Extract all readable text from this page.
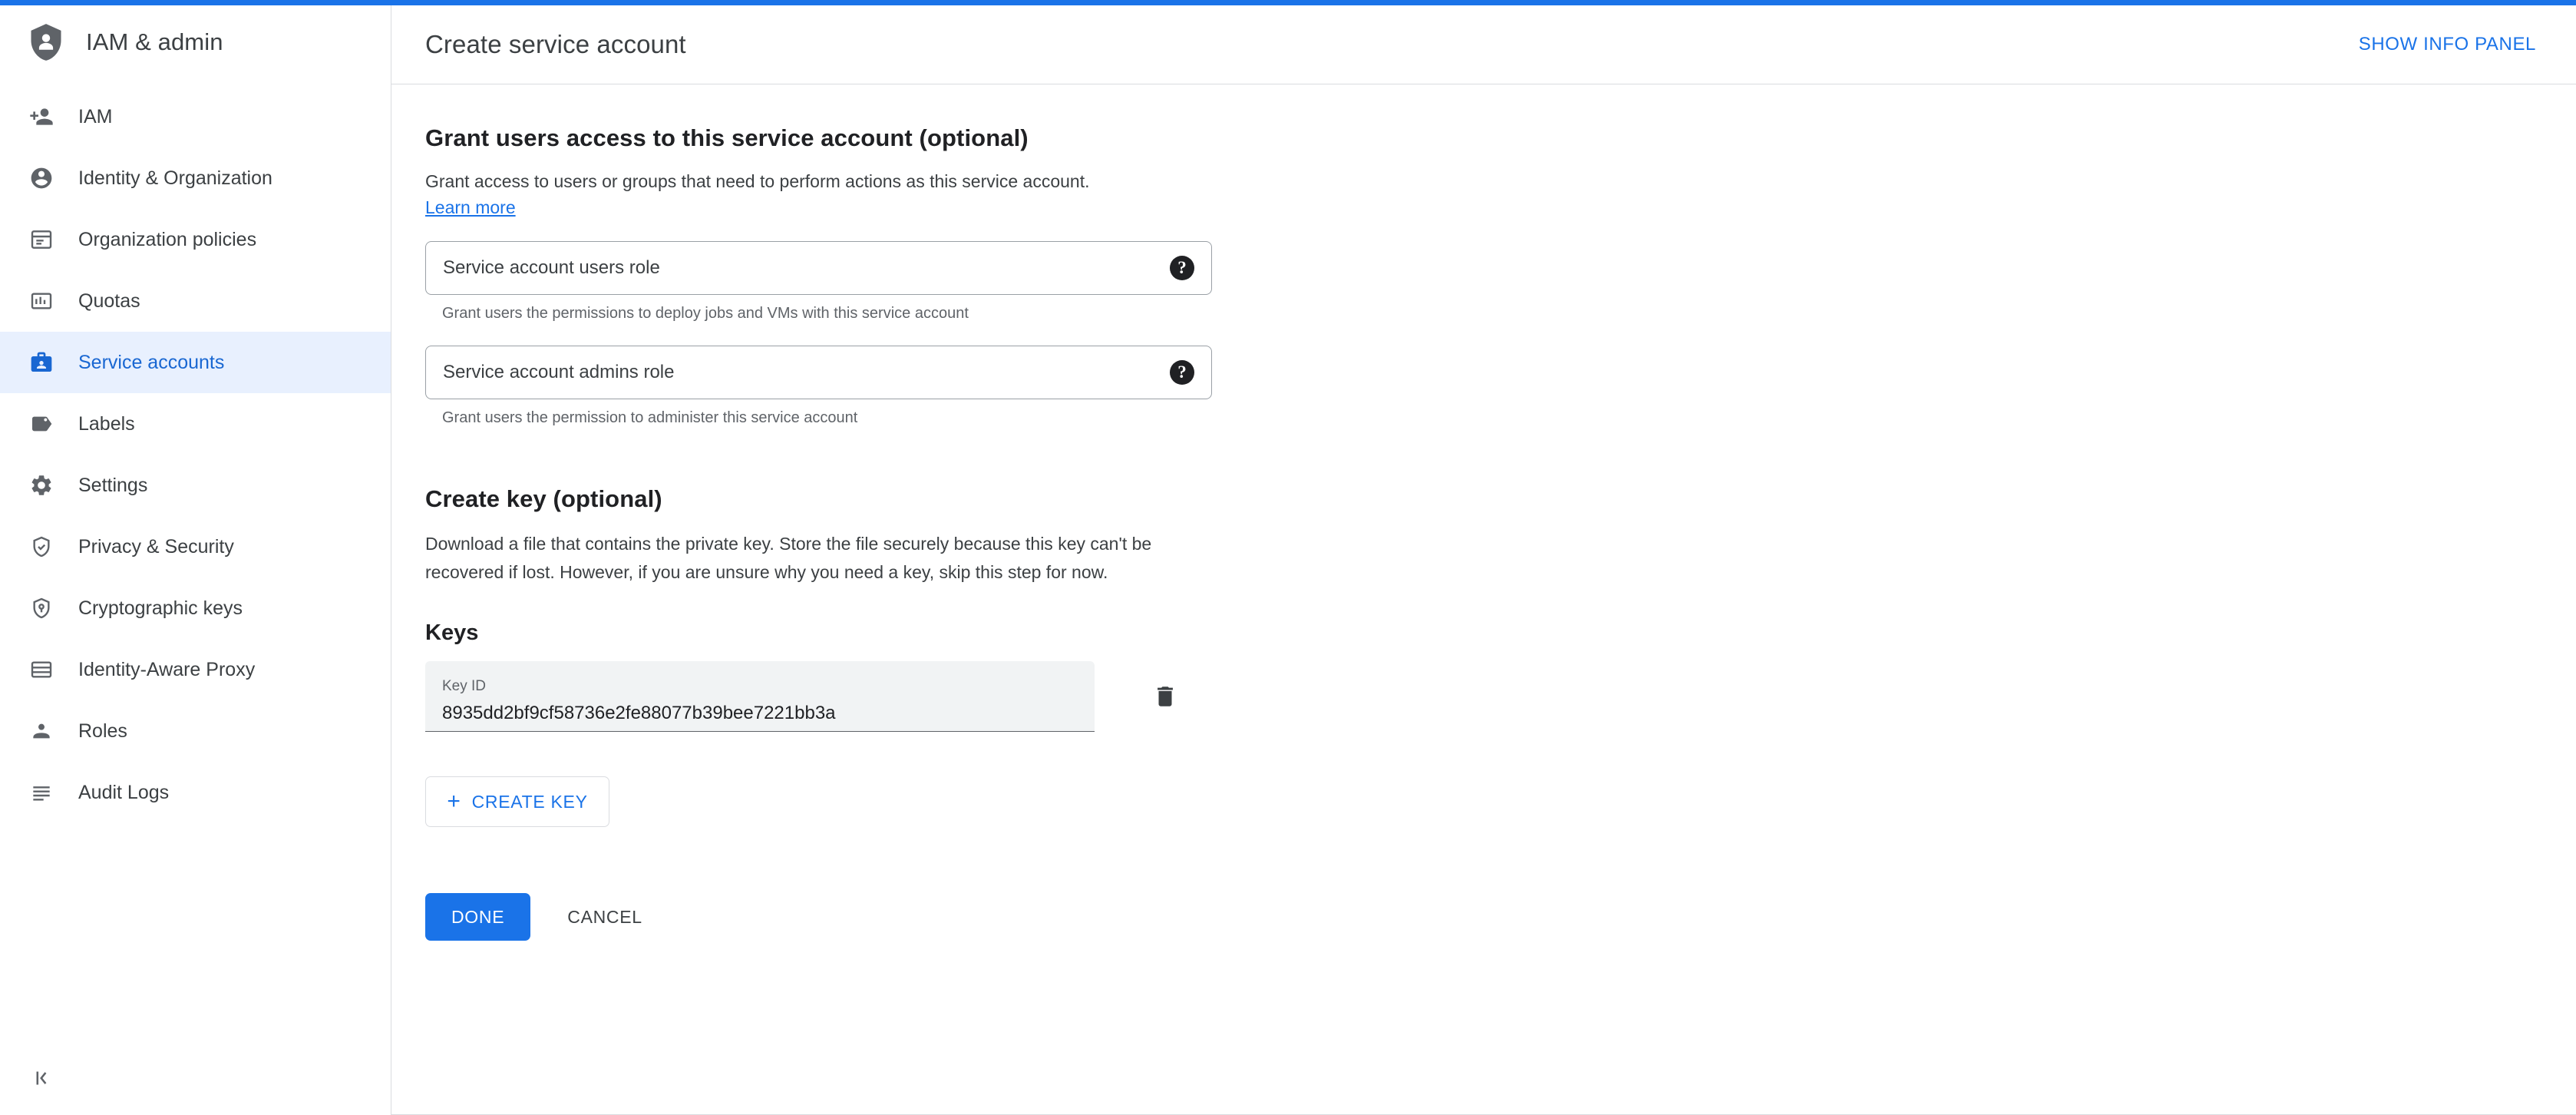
IAM & admin
IAM
Identity & Organization
Organization policies
Quotas
Service accounts
Labels
Settings
Privacy & Security
Cryptographic keys
Identity-Aware Proxy
Roles
Audit Logs
Create service account	SHOW INFO PANEL
Grant users access to this service account (optional)

Grant access to users or groups that need to perform actions as this service account.

Learn more
Service account users role	?
Grant users the permissions to deploy jobs and VMs with this service account
Service account admins role	?
Grant users the permission to administer this service account
Create key (optional)

Download a file that contains the private key. Store the file securely because this key can't be recovered if lost. However, if you are unsure why you need a key, skip this step for now.

Keys
Key ID
8935dd2bf9cf58736e2fe88077b39bee7221bb3a
+ CREATE KEY
DONE	CANCEL
